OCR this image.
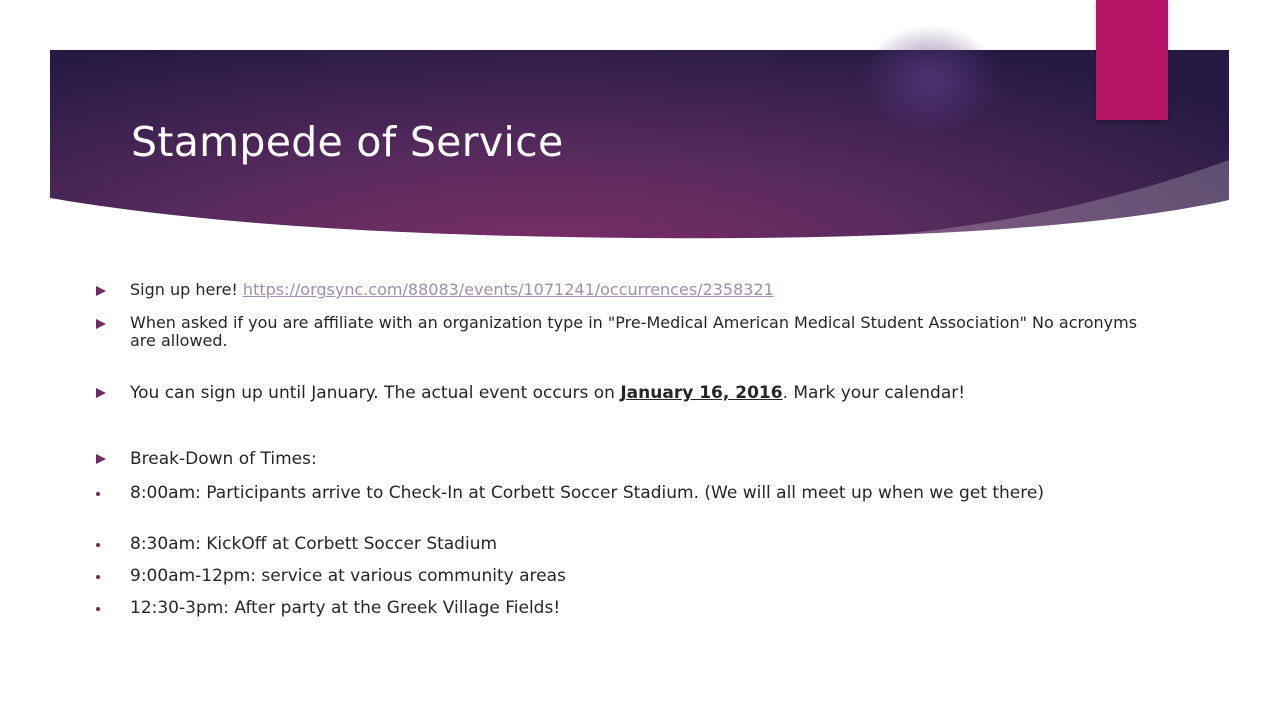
Stampede of Service
Sign up here! https://orgsync.com/88083/events/1071241/occurrences/2358321
When asked if you are affiliate with an organization type in "Pre-Medical American Medical Student Association" No acronyms are allowed.
You can sign up until January. The actual event occurs on January 16, 2016. Mark your calendar!
Break-Down of Times:
8:00am: Participants arrive to Check-In at Corbett Soccer Stadium. (We will all meet up when we get there)
8:30am: KickOff at Corbett Soccer Stadium
9:00am-12pm: service at various community areas
12:30-3pm: After party at the Greek Village Fields!
